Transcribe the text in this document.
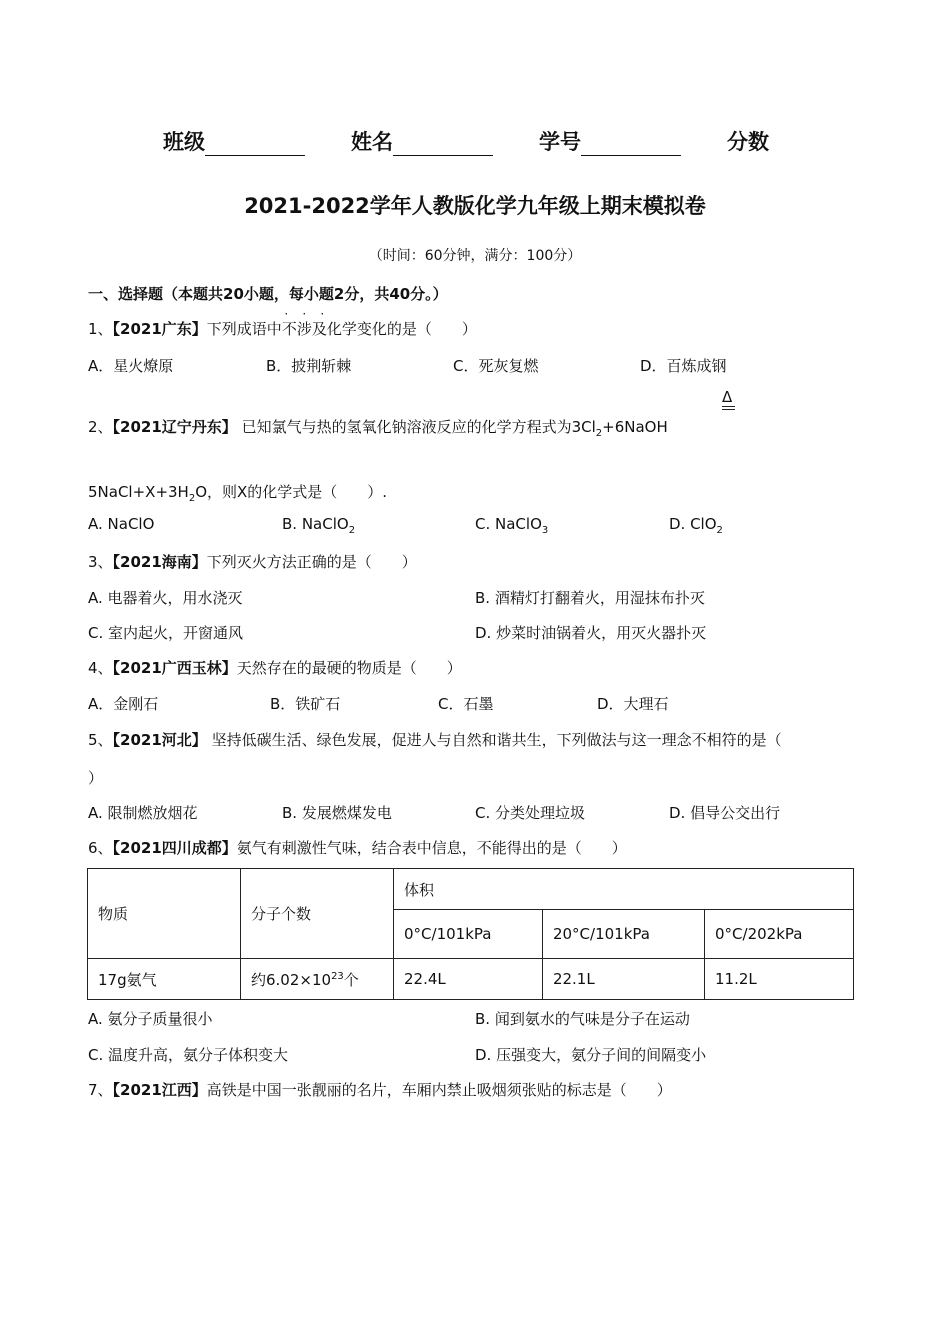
班级	姓名	学号	分数
2021-2022学年人教版化学九年级上期末模拟卷
（时间：60分钟，满分：100分）
一、选择题（本题共20小题，每小题2分，共40分。）
1、【2021广东】下列成语中不涉及
· · ·
化学变化的是（　　）
A．星火燎原	B．披荆斩棘	C．死灰复燃	D．百炼成钢
Δ
2、【2021辽宁丹东】 已知氯气与热的氢氧化钠溶液反应的化学方程式为$3Cl_2+6NaOH$
$5NaCl+X+3H_2O$，则X的化学式是（　　）.
A. NaClO	B. NaClO$_2$	C. NaClO$_3$	D. ClO$_2$
3、【2021海南】下列灭火方法正确的是（　　）
A. 电器着火，用水浇灭	B. 酒精灯打翻着火，用湿抹布扑灭
C. 室内起火，开窗通风	D. 炒菜时油锅着火，用灭火器扑灭
4、【2021广西玉林】天然存在的最硬的物质是（　　）
A．金刚石	B．铁矿石	C．石墨	D．大理石
5、【2021河北】 坚持低碳生活、绿色发展，促进人与自然和谐共生，下列做法与这一理念不相符的是（
）
A. 限制燃放烟花	B. 发展燃煤发电	C. 分类处理垃圾	D. 倡导公交出行
6、【2021四川成都】氨气有刺激性气味，结合表中信息，不能得出的是（　　）
物质	分子个数	体积		
		0°C/101kPa	20°C/101kPa	0°C/202kPa
17g氨气	约$6.02\times 10^{23}$个	22.4L	22.1L	11.2L
A. 氨分子质量很小	B. 闻到氨水的气味是分子在运动
C. 温度升高，氨分子体积变大	D. 压强变大，氨分子间的间隔变小
7、【2021江西】高铁是中国一张靓丽的名片，车厢内禁止吸烟须张贴的标志是（　　）
